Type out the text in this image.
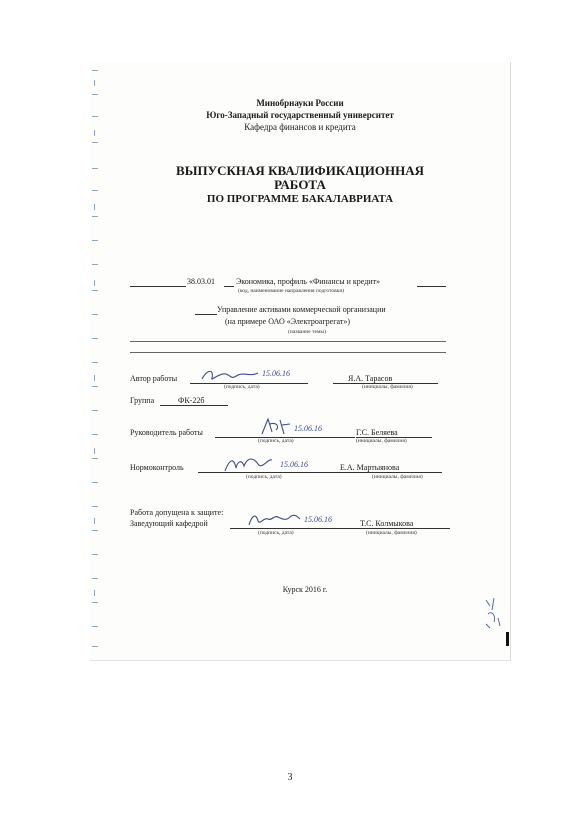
Минобрнауки России
Юго-Западный государственный университет
Кафедра финансов и кредита
ВЫПУСКНАЯ КВАЛИФИКАЦИОННАЯ
РАБОТА
ПО ПРОГРАММЕ БАКАЛАВРИАТА
38.03.01	Экономика, профиль «Финансы и кредит»
(код, наименование направления подготовки)
Управление активами коммерческой организации
(на примере ОАО «Электроагрегат»)
(название темы)
Автор работы
15.06.16
(подпись, дата)
Я.А. Тарасов
(инициалы, фамилия)
Группа	ФК-22б
Руководитель работы	15.06.16
(подпись, дата)
Г.С. Беляева
(инициалы, фамилия)
Нормоконтроль	15.06.16
(подпись, дата)
Е.А. Мартыянова
(инициалы, фамилия)
Работа допущена к защите:
Заведующий кафедрой	15.06.16
(подпись, дата)
Т.С. Колмыкова
(инициалы, фамилия)
Курск 2016 г.
3
